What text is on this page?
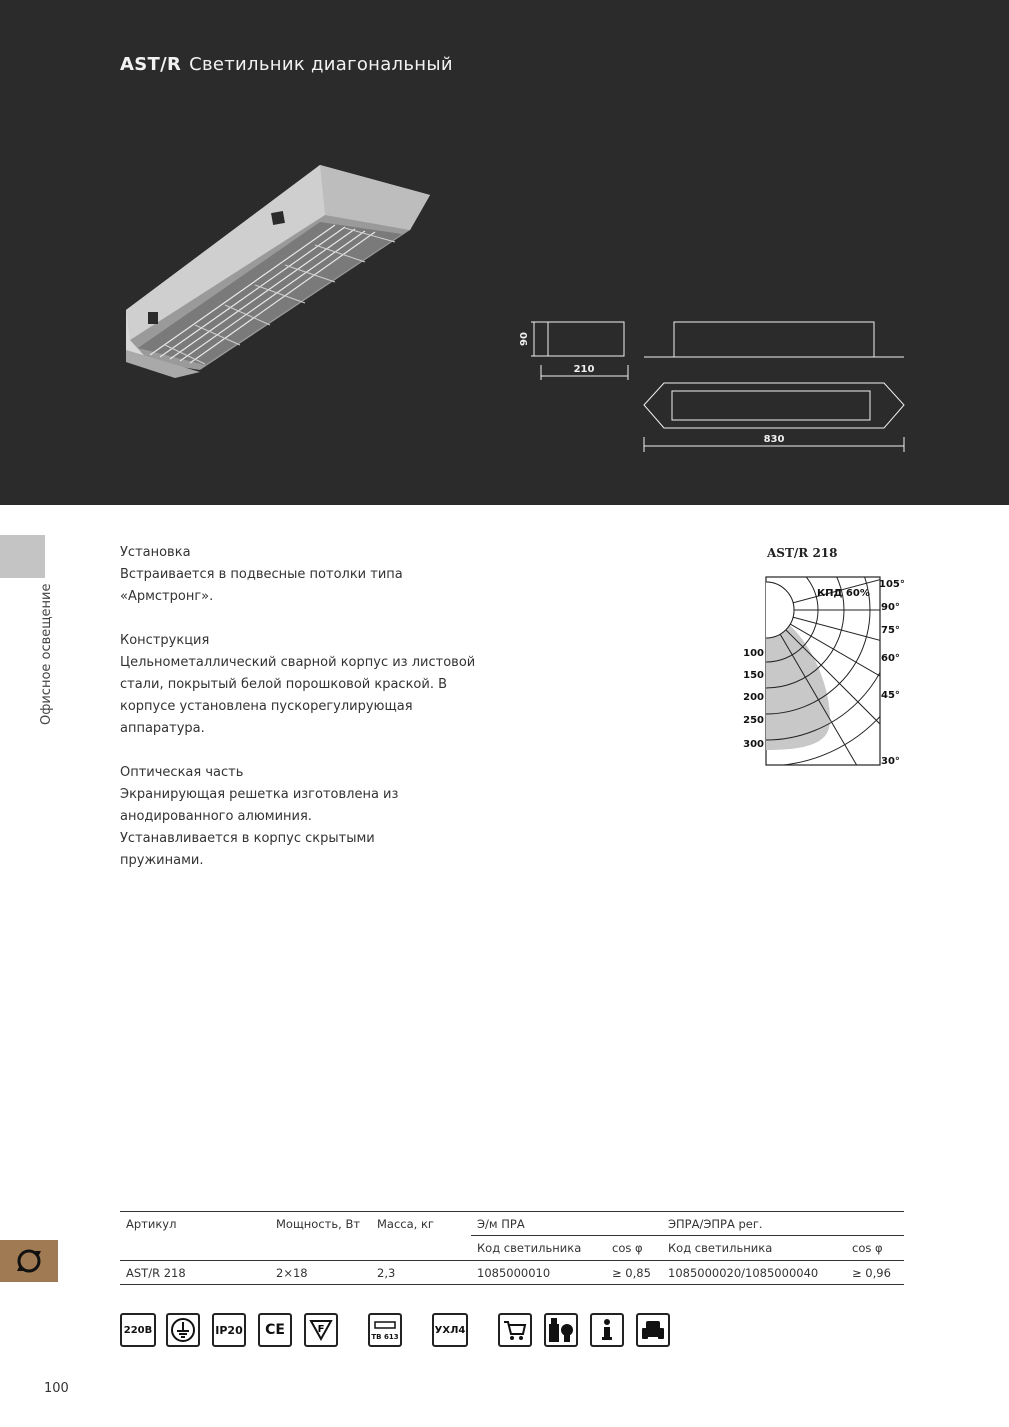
AST/R Светильник диагональный
90
210
830
Офисное освещение

Установка
Встраивается в подвесные потолки типа «Армстронг».

Конструкция
Цельнометаллический сварной корпус из листовой стали, покрытый белой порошковой краской. В корпусе установлена пускорегулирующая аппаратура.

Оптическая часть
Экранирующая решетка изготовлена из анодированного алюминия. Устанавливается в корпус скрытыми пружинами.

AST/R 218
КПД 60%
100
150
200
250
300
105°
90°
75°
60°
45°
30°
Артикул	Мощность, Вт	Масса, кг	Э/м ПРА		ЭПРА/ЭПРА рег.	
			Код светильника	cos φ	Код светильника	cos φ
AST/R 218	2×18	2,3	1085000010	≥ 0,85	1085000020/1085000040	≥ 0,96
220В	IP20	CE	F
ТВ 613
УХЛ4
100
